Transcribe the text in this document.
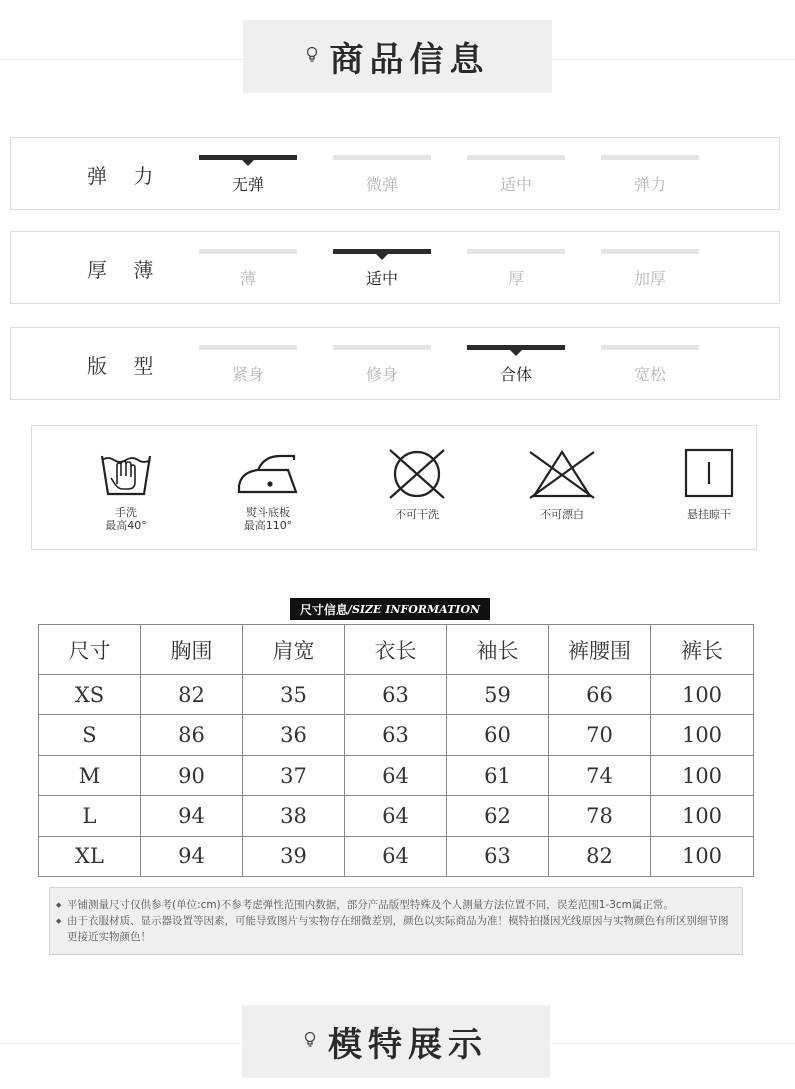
商品信息
弹 力	无弹	微弹	适中	弹力
厚 薄	薄	适中	厚	加厚
版 型	紧身	修身	合体	宽松
手洗
最高40°
熨斗底板
最高110°
不可干洗	不可漂白	悬挂晾干
尺寸信息 /SIZE INFORMATION
尺寸	胸围	肩宽	衣长	袖长	裤腰围	裤长
XS	82	35	63	59	66	100
S	86	36	63	60	70	100
M	90	37	64	61	74	100
L	94	38	64	62	78	100
XL	94	39	64	63	82	100
◆ 平铺测量尺寸仅供参考(单位:cm)不参考虑弹性范围内数据，部分产品版型特殊及个人测量方法位置不同，误差范围1-3cm属正常。
◆ 由于衣服材质、显示器设置等因素，可能导致图片与实物存在细微差别，颜色以实际商品为准！模特拍摄因光线原因与实物颜色有所区别细节图更接近实物颜色！
模特展示
